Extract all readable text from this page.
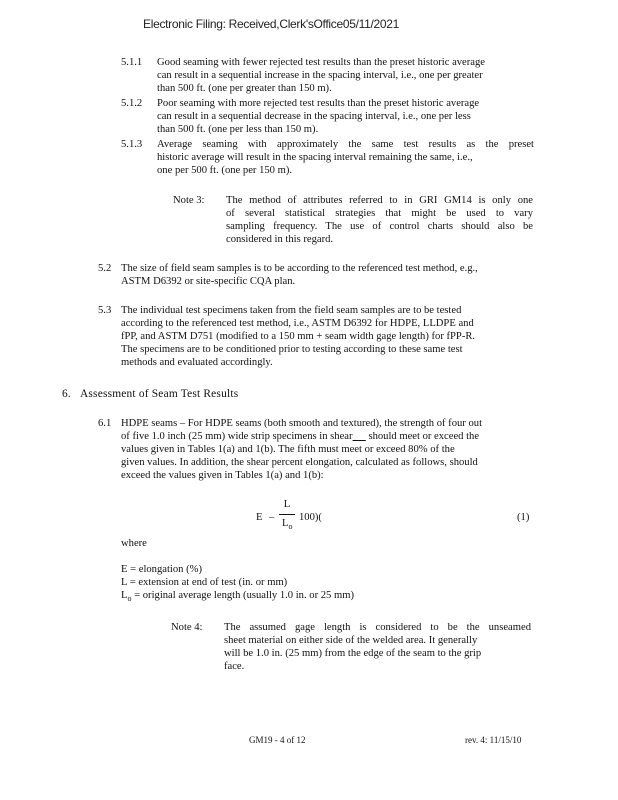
Electronic Filing: Received,Clerk'sOffice05/11/2021
5.1.1 Good seaming with fewer rejected test results than the preset historic average
can result in a sequential increase in the spacing interval, i.e., one per greater
than 500 ft. (one per greater than 150 m).
5.1.2 Poor seaming with more rejected test results than the preset historic average
can result in a sequential decrease in the spacing interval, i.e., one per less
than 500 ft. (one per less than 150 m).
5.1.3 Average seaming with approximately the same test results as the preset
historic average will result in the spacing interval remaining the same, i.e.,
one per 500 ft. (one per 150 m).
Note 3: The method of attributes referred to in GRI GM14 is only one
of several statistical strategies that might be used to vary
sampling frequency. The use of control charts should also be
considered in this regard.
5.2 The size of field seam samples is to be according to the referenced test method, e.g.,
ASTM D6392 or site-specific CQA plan.
5.3 The individual test specimens taken from the field seam samples are to be tested
according to the referenced test method, i.e., ASTM D6392 for HDPE, LLDPE and
fPP, and ASTM D751 (modified to a 150 mm + seam width gage length) for fPP-R.
The specimens are to be conditioned prior to testing according to these same test
methods and evaluated accordingly.
6. Assessment of Seam Test Results
6.1 HDPE seams – For HDPE seams (both smooth and textured), the strength of four out
of five 1.0 inch (25 mm) wide strip specimens in shear      should meet or exceed the
values given in Tables 1(a) and 1(b). The fifth must meet or exceed 80% of the
given values. In addition, the shear percent elongation, calculated as follows, should
exceed the values given in Tables 1(a) and 1(b):
E –
L
$L_o$
100)(	(1)
where
E = elongation (%)
L = extension at end of test (in. or mm)
$L_o$ = original average length (usually 1.0 in. or 25 mm)
Note 4: The assumed gage length is considered to be the unseamed
sheet material on either side of the welded area. It generally
will be 1.0 in. (25 mm) from the edge of the seam to the grip
face.
GM19 - 4 of 12	rev. 4: 11/15/10
